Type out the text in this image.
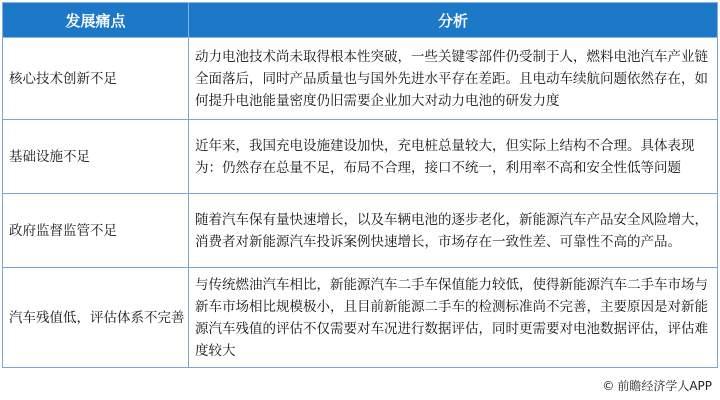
发展痛点	分析
核心技术创新不足	动力电池技术尚未取得根本性突破，一些关键零部件仍受制于人，燃料电池汽车产业链全面落后，同时产品质量也与国外先进水平存在差距。且电动车续航问题依然存在，如何提升电池能量密度仍旧需要企业加大对动力电池的研发力度
基础设施不足	近年来，我国充电设施建设加快，充电桩总量较大，但实际上结构不合理。具体表现为：仍然存在总量不足，布局不合理，接口不统一，利用率不高和安全性低等问题
政府监督监管不足	随着汽车保有量快速增长，以及车辆电池的逐步老化，新能源汽车产品安全风险增大，消费者对新能源汽车投诉案例快速增长，市场存在一致性差、可靠性不高的产品。
汽车残值低，评估体系不完善	与传统燃油汽车相比，新能源汽车二手车保值能力较低，使得新能源汽车二手车市场与新车市场相比规模极小，且目前新能源二手车的检测标准尚不完善，主要原因是对新能源汽车残值的评估不仅需要对车况进行数据评估，同时更需要对电池数据评估，评估难度较大
© 前瞻经济学人APP
